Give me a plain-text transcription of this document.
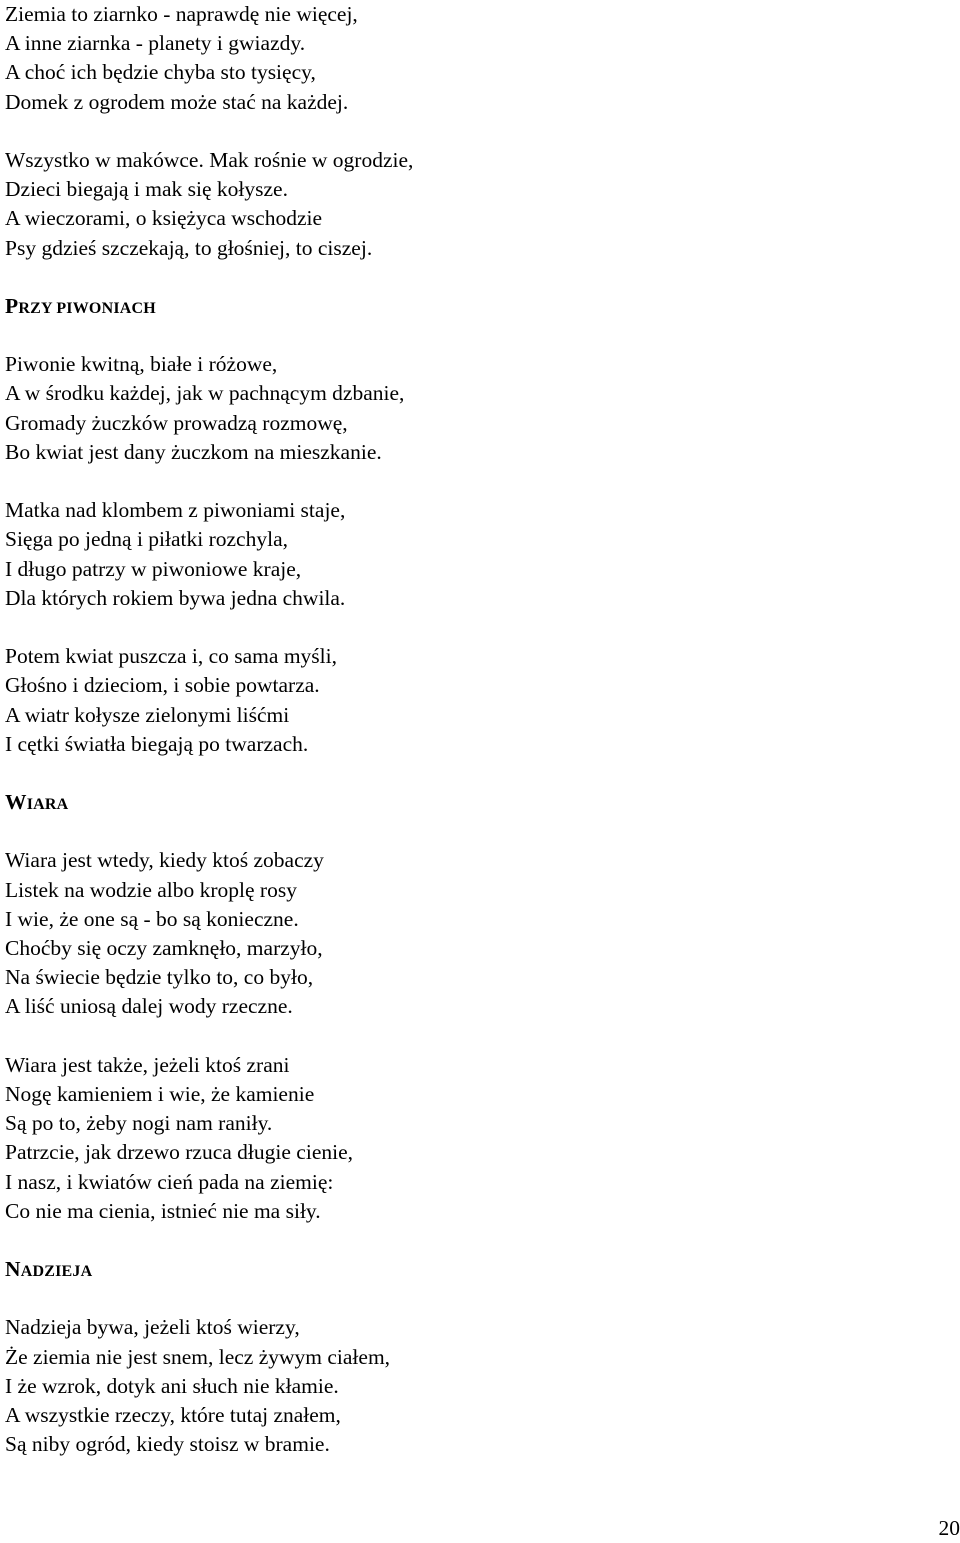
Ziemia to ziarnko - naprawdę nie więcej,
A inne ziarnka - planety i gwiazdy.
A choć ich będzie chyba sto tysięcy,
Domek z ogrodem może stać na każdej.
Wszystko w makówce. Mak rośnie w ogrodzie,
Dzieci biegają i mak się kołysze.
A wieczorami, o księżyca wschodzie
Psy gdzieś szczekają, to głośniej, to ciszej.
PRZY PIWONIACH
Piwonie kwitną, białe i różowe,
A w środku każdej, jak w pachnącym dzbanie,
Gromady żuczków prowadzą rozmowę,
Bo kwiat jest dany żuczkom na mieszkanie.
Matka nad klombem z piwoniami staje,
Sięga po jedną i piłatki rozchyla,
I długo patrzy w piwoniowe kraje,
Dla których rokiem bywa jedna chwila.
Potem kwiat puszcza i, co sama myśli,
Głośno i dzieciom, i sobie powtarza.
A wiatr kołysze zielonymi liśćmi
I cętki światła biegają po twarzach.
WIARA
Wiara jest wtedy, kiedy ktoś zobaczy
Listek na wodzie albo kroplę rosy
I wie, że one są - bo są konieczne.
Choćby się oczy zamknęło, marzyło,
Na świecie będzie tylko to, co było,
A liść uniosą dalej wody rzeczne.
Wiara jest także, jeżeli ktoś zrani
Nogę kamieniem i wie, że kamienie
Są po to, żeby nogi nam raniły.
Patrzcie, jak drzewo rzuca długie cienie,
I nasz, i kwiatów cień pada na ziemię:
Co nie ma cienia, istnieć nie ma siły.
NADZIEJA
Nadzieja bywa, jeżeli ktoś wierzy,
Że ziemia nie jest snem, lecz żywym ciałem,
I że wzrok, dotyk ani słuch nie kłamie.
A wszystkie rzeczy, które tutaj znałem,
Są niby ogród, kiedy stoisz w bramie.
20
